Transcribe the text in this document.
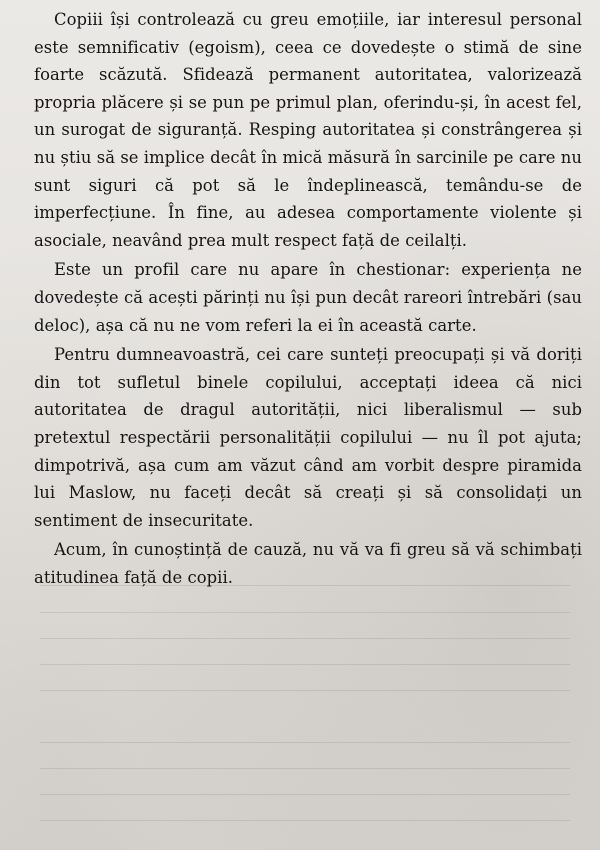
Copiii își controlează cu greu emoțiile, iar interesul personal este semnificativ (egoism), ceea ce dovedește o stimă de sine foarte scăzută. Sfidează permanent autoritatea, valorizează propria plăcere și se pun pe primul plan, oferindu-și, în acest fel, un surogat de siguranță. Resping autoritatea și constrângerea și nu știu să se implice decât în mică măsură în sarcinile pe care nu sunt siguri că pot să le îndeplinească, temându-se de imperfecțiune. În fine, au adesea comportamente violente și asociale, neavând prea mult respect față de ceilalți.

Este un profil care nu apare în chestionar: experiența ne dovedește că acești părinți nu își pun decât rareori întrebări (sau deloc), așa că nu ne vom referi la ei în această carte.

Pentru dumneavoastră, cei care sunteți preocupați și vă doriți din tot sufletul binele copilului, acceptați ideea că nici autoritatea de dragul autorității, nici liberalismul — sub pretextul respectării personalității copilului — nu îl pot ajuta; dimpotrivă, așa cum am văzut când am vorbit despre piramida lui Maslow, nu faceți decât să creați și să consolidați un sentiment de insecuritate.

Acum, în cunoștință de cauză, nu vă va fi greu să vă schimbați atitudinea față de copii.
